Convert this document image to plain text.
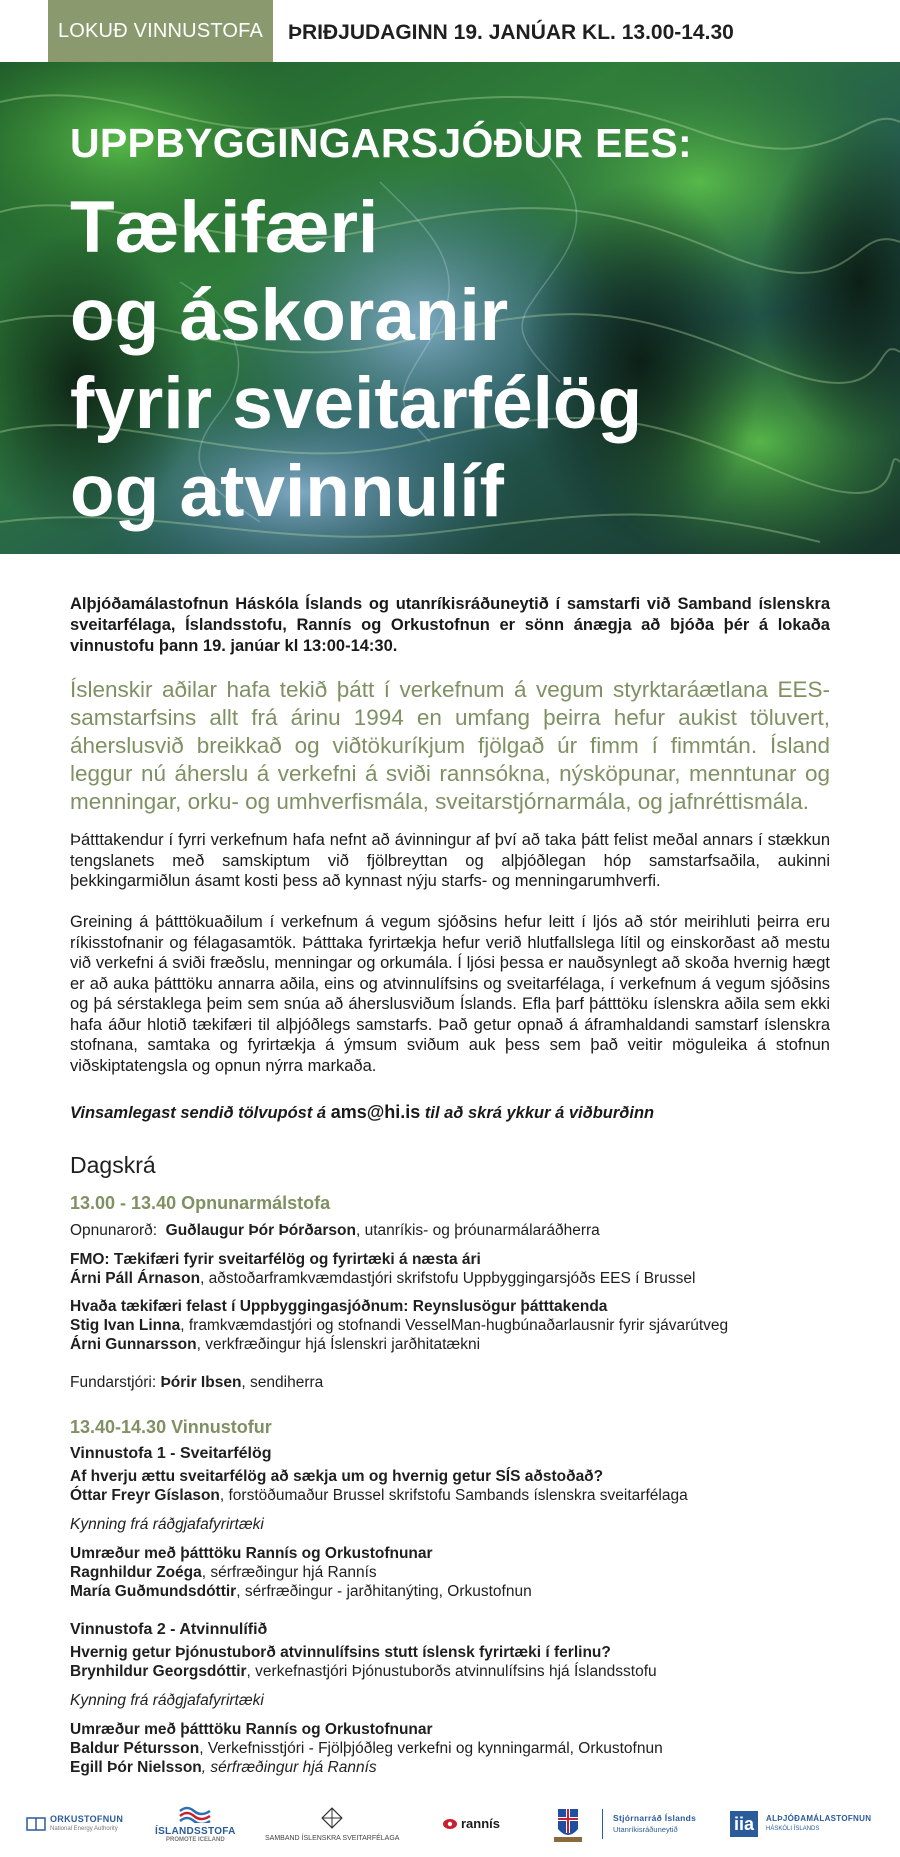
LOKUÐ VINNUSTOFA	ÞRIÐJUDAGINN 19. JANÚAR KL. 13.00-14.30
UPPBYGGINGARSJÓÐUR EES:
Tækifæri
og áskoranir
fyrir sveitarfélög
og atvinnulíf

Alþjóðamálastofnun Háskóla Íslands og utanríkisráðuneytið í samstarfi við Samband íslenskra sveitarfélaga, Íslandsstofu, Rannís og Orkustofnun er sönn ánægja að bjóða þér á lokaða vinnustofu þann 19. janúar kl 13:00-14:30.

Íslenskir aðilar hafa tekið þátt í verkefnum á vegum styrktaráætlana EES-samstarfsins allt frá árinu 1994 en umfang þeirra hefur aukist töluvert, áherslusvið breikkað og viðtökuríkjum fjölgað úr fimm í fimmtán. Ísland leggur nú áherslu á verkefni á sviði rannsókna, nýsköpunar, menntunar og menningar, orku- og umhverfismála, sveitarstjórnarmála, og jafnréttismála.

Þátttakendur í fyrri verkefnum hafa nefnt að ávinningur af því að taka þátt felist meðal annars í stækkun tengslanets með samskiptum við fjölbreyttan og alþjóðlegan hóp samstarfsaðila, aukinni þekkingarmiðlun ásamt kosti þess að kynnast nýju starfs- og menningarumhverfi.

Greining á þátttökuaðilum í verkefnum á vegum sjóðsins hefur leitt í ljós að stór meirihluti þeirra eru ríkisstofnanir og félagasamtök. Þátttaka fyrirtækja hefur verið hlutfallslega lítil og einskorðast að mestu við verkefni á sviði fræðslu, menningar og orkumála. Í ljósi þessa er nauðsynlegt að skoða hvernig hægt er að auka þátttöku annarra aðila, eins og atvinnulífsins og sveitarfélaga, í verkefnum á vegum sjóðsins og þá sérstaklega þeim sem snúa að áherslusviðum Íslands. Efla þarf þátttöku íslenskra aðila sem ekki hafa áður hlotið tækifæri til alþjóðlegs samstarfs. Það getur opnað á áframhaldandi samstarf íslenskra stofnana, samtaka og fyrirtækja á ýmsum sviðum auk þess sem það veitir möguleika á stofnun viðskiptatengsla og opnun nýrra markaða.

Vinsamlegast sendið tölvupóst á ams@hi.is til að skrá ykkur á viðburðinn

Dagskrá
13.00 - 13.40 Opnunarmálstofa
Opnunarorð: Guðlaugur Þór Þórðarson, utanríkis- og þróunarmálaráðherra
FMO: Tækifæri fyrir sveitarfélög og fyrirtæki á næsta ári
Árni Páll Árnason, aðstoðarframkvæmdastjóri skrifstofu Uppbyggingarsjóðs EES í Brussel
Hvaða tækifæri felast í Uppbyggingasjóðnum: Reynslusögur þátttakenda
Stig Ivan Linna, framkvæmdastjóri og stofnandi VesselMan-hugbúnaðarlausnir fyrir sjávarútveg
Árni Gunnarsson, verkfræðingur hjá Íslenskri jarðhitatækni
Fundarstjóri: Þórir Ibsen, sendiherra
13.40-14.30 Vinnustofur
Vinnustofa 1 - Sveitarfélög
Af hverju ættu sveitarfélög að sækja um og hvernig getur SÍS aðstoðað?
Óttar Freyr Gíslason, forstöðumaður Brussel skrifstofu Sambands íslenskra sveitarfélaga
Kynning frá ráðgjafafyrirtæki
Umræður með þátttöku Rannís og Orkustofnunar
Ragnhildur Zoéga, sérfræðingur hjá Rannís
María Guðmundsdóttir, sérfræðingur - jarðhitanýting, Orkustofnun
Vinnustofa 2 - Atvinnulífið
Hvernig getur Þjónustuborð atvinnulífsins stutt íslensk fyrirtæki í ferlinu?
Brynhildur Georgsdóttir, verkefnastjóri Þjónustuborðs atvinnulífsins hjá Íslandsstofu
Kynning frá ráðgjafafyrirtæki
Umræður með þátttöku Rannís og Orkustofnunar
Baldur Pétursson, Verkefnisstjóri - Fjölþjóðleg verkefni og kynningarmál, Orkustofnun
Egill Þór Nielsson, sérfræðingur hjá Rannís
ORKUSTOFNUN
National Energy Authority	ÍSLANDSSTOFA
PROMOTE ICELAND	SAMBAND ÍSLENSKRA SVEITARFÉLAGA
rannís	Stjórnarráð Íslands
Utanríkisráðuneytið	iia	ALÞJÓÐAMÁLASTOFNUN
HÁSKÓLI ÍSLANDS
